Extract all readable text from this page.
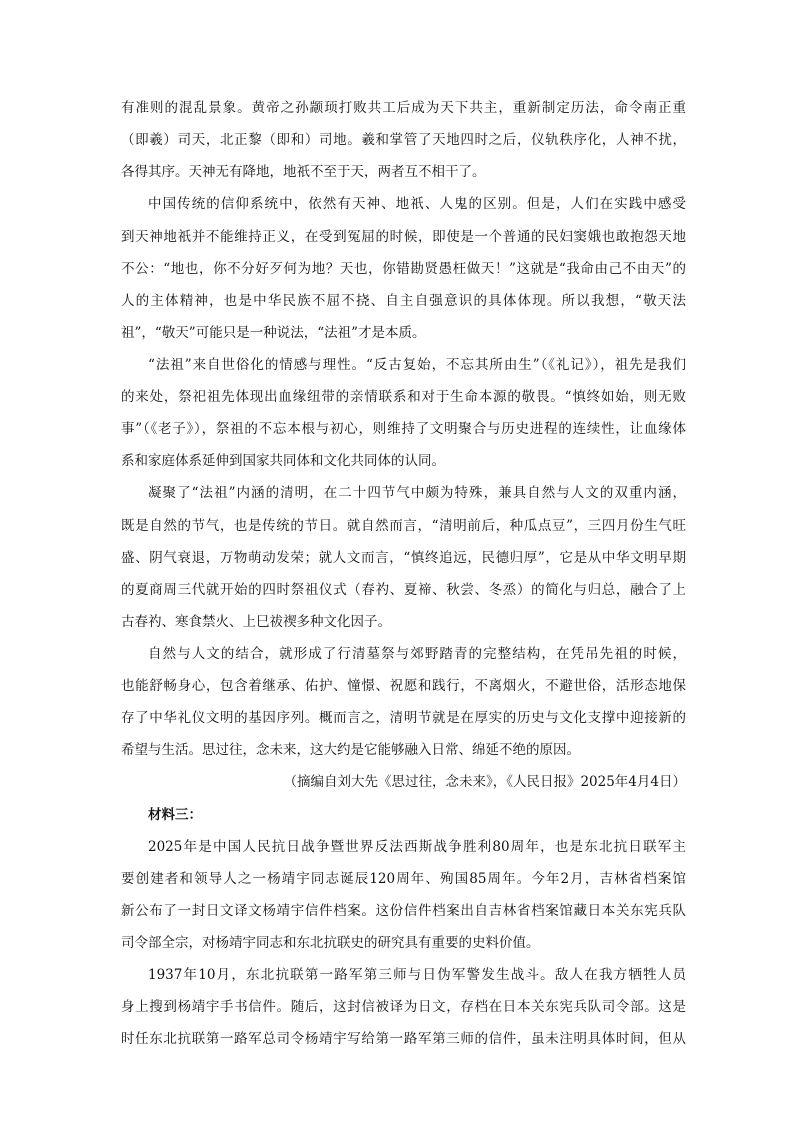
有准则的混乱景象。黄帝之孙颛顼打败共工后成为天下共主，重新制定历法，命令南正重
（即羲）司天，北正黎（即和）司地。羲和掌管了天地四时之后，仪轨秩序化，人神不扰，
各得其序。天神无有降地，地祇不至于天，两者互不相干了。
中国传统的信仰系统中，依然有天神、地祇、人鬼的区别。但是，人们在实践中感受
到天神地祇并不能维持正义，在受到冤屈的时候，即使是一个普通的民妇窦娥也敢抱怨天地
不公：“地也，你不分好歹何为地？天也，你错勘贤愚枉做天！”这就是“我命由己不由天”的
人的主体精神，也是中华民族不屈不挠、自主自强意识的具体体现。所以我想，“敬天法
祖”，“敬天”可能只是一种说法，“法祖”才是本质。
“法祖”来自世俗化的情感与理性。“反古复始，不忘其所由生”（《礼记》），祖先是我们
的来处，祭祀祖先体现出血缘纽带的亲情联系和对于生命本源的敬畏。“慎终如始，则无败
事”（《老子》），祭祖的不忘本根与初心，则维持了文明聚合与历史进程的连续性，让血缘体
系和家庭体系延伸到国家共同体和文化共同体的认同。
凝聚了“法祖”内涵的清明，在二十四节气中颇为特殊，兼具自然与人文的双重内涵，
既是自然的节气，也是传统的节日。就自然而言，“清明前后，种瓜点豆”，三四月份生气旺
盛、阴气衰退，万物萌动发荣；就人文而言，“慎终追远，民德归厚”，它是从中华文明早期
的夏商周三代就开始的四时祭祖仪式（春礿、夏禘、秋尝、冬烝）的简化与归总，融合了上
古春礿、寒食禁火、上巳祓禊多种文化因子。
自然与人文的结合，就形成了行清墓祭与郊野踏青的完整结构，在凭吊先祖的时候，
也能舒畅身心，包含着继承、佑护、憧憬、祝愿和践行，不离烟火，不避世俗，活形态地保
存了中华礼仪文明的基因序列。概而言之，清明节就是在厚实的历史与文化支撑中迎接新的
希望与生活。思过往，念未来，这大约是它能够融入日常、绵延不绝的原因。
（摘编自刘大先《思过往，念未来》，《人民日报》2025年4月4日）
材料三：
2025年是中国人民抗日战争暨世界反法西斯战争胜利80周年，也是东北抗日联军主
要创建者和领导人之一杨靖宇同志诞辰120周年、殉国85周年。今年2月，吉林省档案馆
新公布了一封日文译文杨靖宇信件档案。这份信件档案出自吉林省档案馆藏日本关东宪兵队
司令部全宗，对杨靖宇同志和东北抗联史的研究具有重要的史料价值。
1937年10月，东北抗联第一路军第三师与日伪军警发生战斗。敌人在我方牺牲人员
身上搜到杨靖宇手书信件。随后，这封信被译为日文，存档在日本关东宪兵队司令部。这是
时任东北抗联第一路军总司令杨靖宇写给第一路军第三师的信件，虽未注明具体时间，但从
